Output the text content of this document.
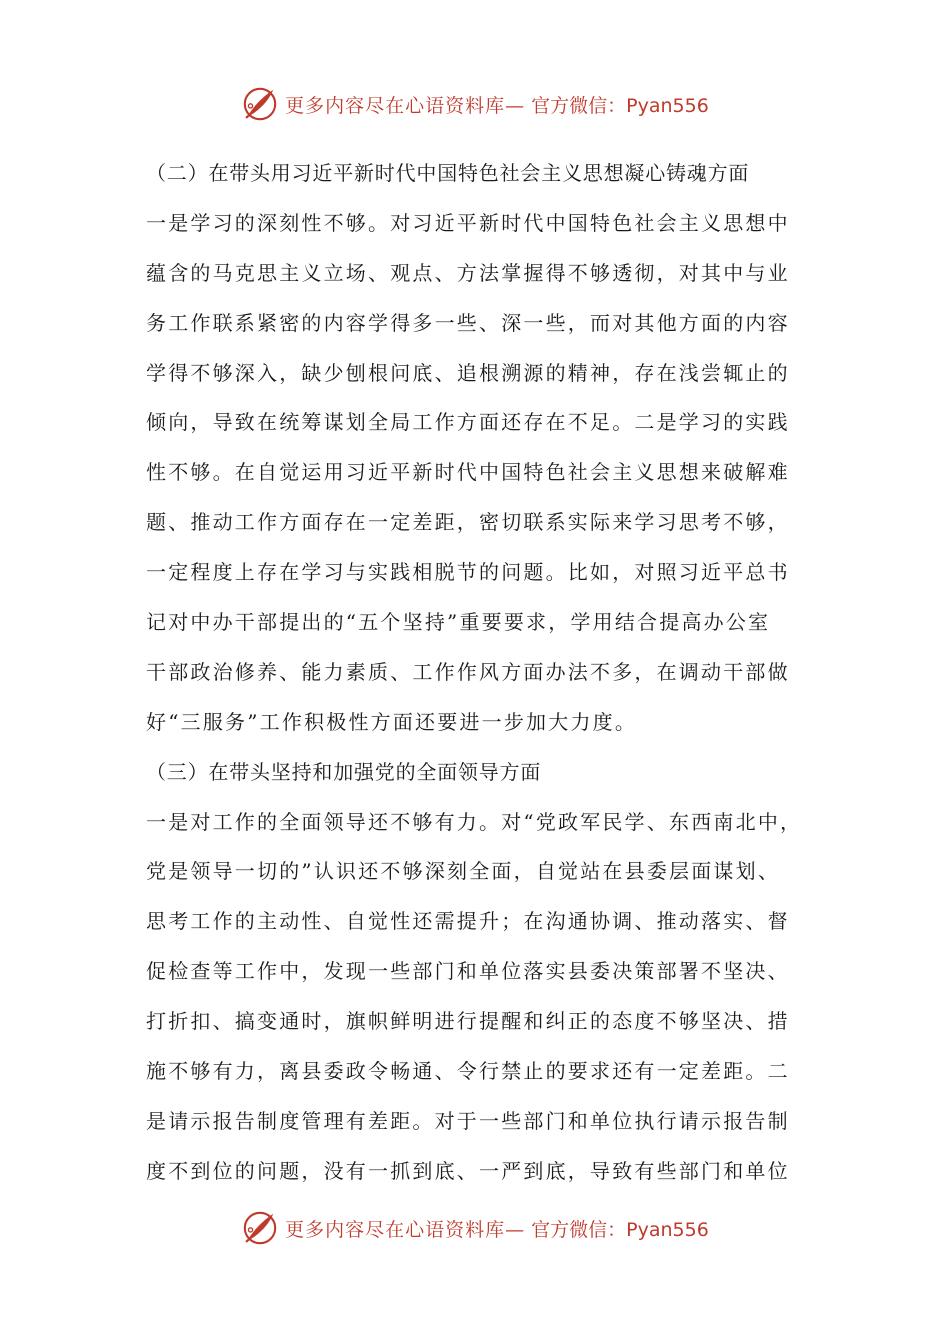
更多内容尽在心语资料库— 官方微信：Pyan556
（二）在带头用习近平新时代中国特色社会主义思想凝心铸魂方面
一是学习的深刻性不够。对习近平新时代中国特色社会主义思想中
蕴含的马克思主义立场、观点、方法掌握得不够透彻，对其中与业
务工作联系紧密的内容学得多一些、深一些，而对其他方面的内容
学得不够深入，缺少刨根问底、追根溯源的精神，存在浅尝辄止的
倾向，导致在统筹谋划全局工作方面还存在不足。二是学习的实践
性不够。在自觉运用习近平新时代中国特色社会主义思想来破解难
题、推动工作方面存在一定差距，密切联系实际来学习思考不够，
一定程度上存在学习与实践相脱节的问题。比如，对照习近平总书
记对中办干部提出的“五个坚持”重要要求，学用结合提高办公室
干部政治修养、能力素质、工作作风方面办法不多，在调动干部做
好“三服务”工作积极性方面还要进一步加大力度。
（三）在带头坚持和加强党的全面领导方面
一是对工作的全面领导还不够有力。对“党政军民学、东西南北中，
党是领导一切的”认识还不够深刻全面，自觉站在县委层面谋划、
思考工作的主动性、自觉性还需提升；在沟通协调、推动落实、督
促检查等工作中，发现一些部门和单位落实县委决策部署不坚决、
打折扣、搞变通时，旗帜鲜明进行提醒和纠正的态度不够坚决、措
施不够有力，离县委政令畅通、令行禁止的要求还有一定差距。二
是请示报告制度管理有差距。对于一些部门和单位执行请示报告制
度不到位的问题，没有一抓到底、一严到底，导致有些部门和单位
更多内容尽在心语资料库— 官方微信：Pyan556
